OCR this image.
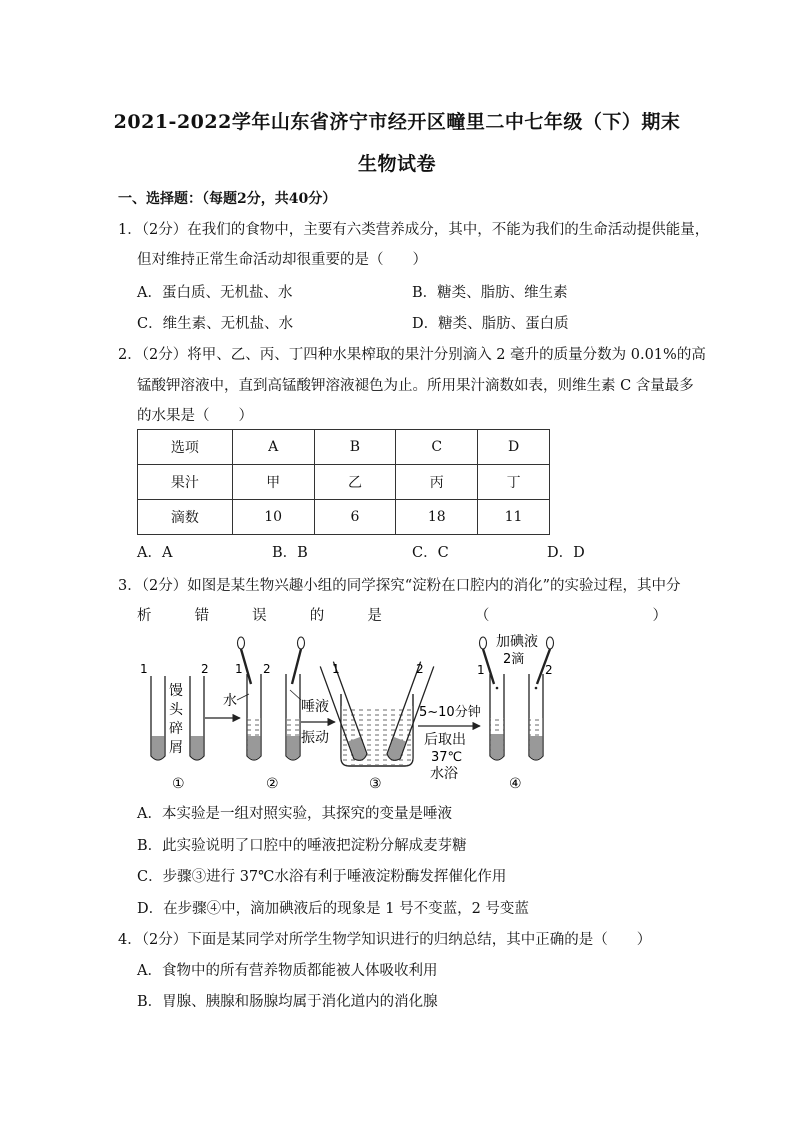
2021-2022学年山东省济宁市经开区疃里二中七年级（下）期末
生物试卷
一、选择题：（每题2分，共40分）
1．（2分）在我们的食物中，主要有六类营养成分，其中，不能为我们的生命活动提供能量，
但对维持正常生命活动却很重要的是（　　）
A．蛋白质、无机盐、水	B．糖类、脂肪、维生素
C．维生素、无机盐、水	D．糖类、脂肪、蛋白质
2．（2分）将甲、乙、丙、丁四种水果榨取的果汁分别滴入 2 毫升的质量分数为 0.01%的高
锰酸钾溶液中，直到高锰酸钾溶液褪色为止。所用果汁滴数如表，则维生素 C 含量最多
的水果是（　　）
选项	A	B	C	D
果汁	甲	乙	丙	丁
滴数	10	6	18	11
A．A	B．B	C．C	D．D
3．（2分）如图是某生物兴趣小组的同学探究“淀粉在口腔内的消化”的实验过程，其中分
析	错	误	的	是	（	）
1	2
馒
头
碎
屑
1 2
水	唾液
振动
1	2
5~10分钟
后取出
37℃
水浴
加碘液
2滴
1	2
①	②	③	④
A．本实验是一组对照实验，其探究的变量是唾液
B．此实验说明了口腔中的唾液把淀粉分解成麦芽糖
C．步骤③进行 37℃水浴有利于唾液淀粉酶发挥催化作用
D．在步骤④中，滴加碘液后的现象是 1 号不变蓝，2 号变蓝
4．（2分）下面是某同学对所学生物学知识进行的归纳总结，其中正确的是（　　）
A．食物中的所有营养物质都能被人体吸收利用
B．胃腺、胰腺和肠腺均属于消化道内的消化腺
